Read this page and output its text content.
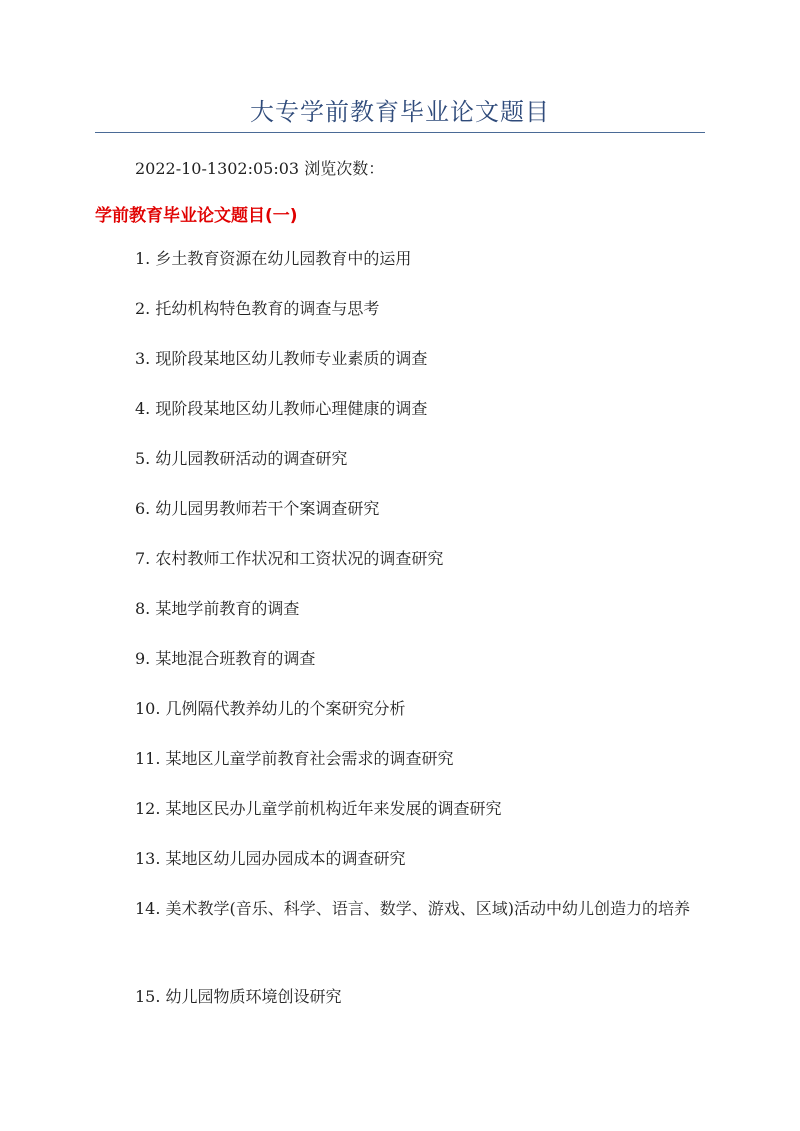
大专学前教育毕业论文题目
2022-10-1302:05:03 浏览次数：
学前教育毕业论文题目(一)
1. 乡土教育资源在幼儿园教育中的运用
2. 托幼机构特色教育的调查与思考
3. 现阶段某地区幼儿教师专业素质的调查
4. 现阶段某地区幼儿教师心理健康的调查
5. 幼儿园教研活动的调查研究
6. 幼儿园男教师若干个案调查研究
7. 农村教师工作状况和工资状况的调查研究
8. 某地学前教育的调查
9. 某地混合班教育的调查
10. 几例隔代教养幼儿的个案研究分析
11. 某地区儿童学前教育社会需求的调查研究
12. 某地区民办儿童学前机构近年来发展的调查研究
13. 某地区幼儿园办园成本的调查研究
14. 美术教学(音乐、科学、语言、数学、游戏、区域)活动中幼儿创造力的培养
15. 幼儿园物质环境创设研究
